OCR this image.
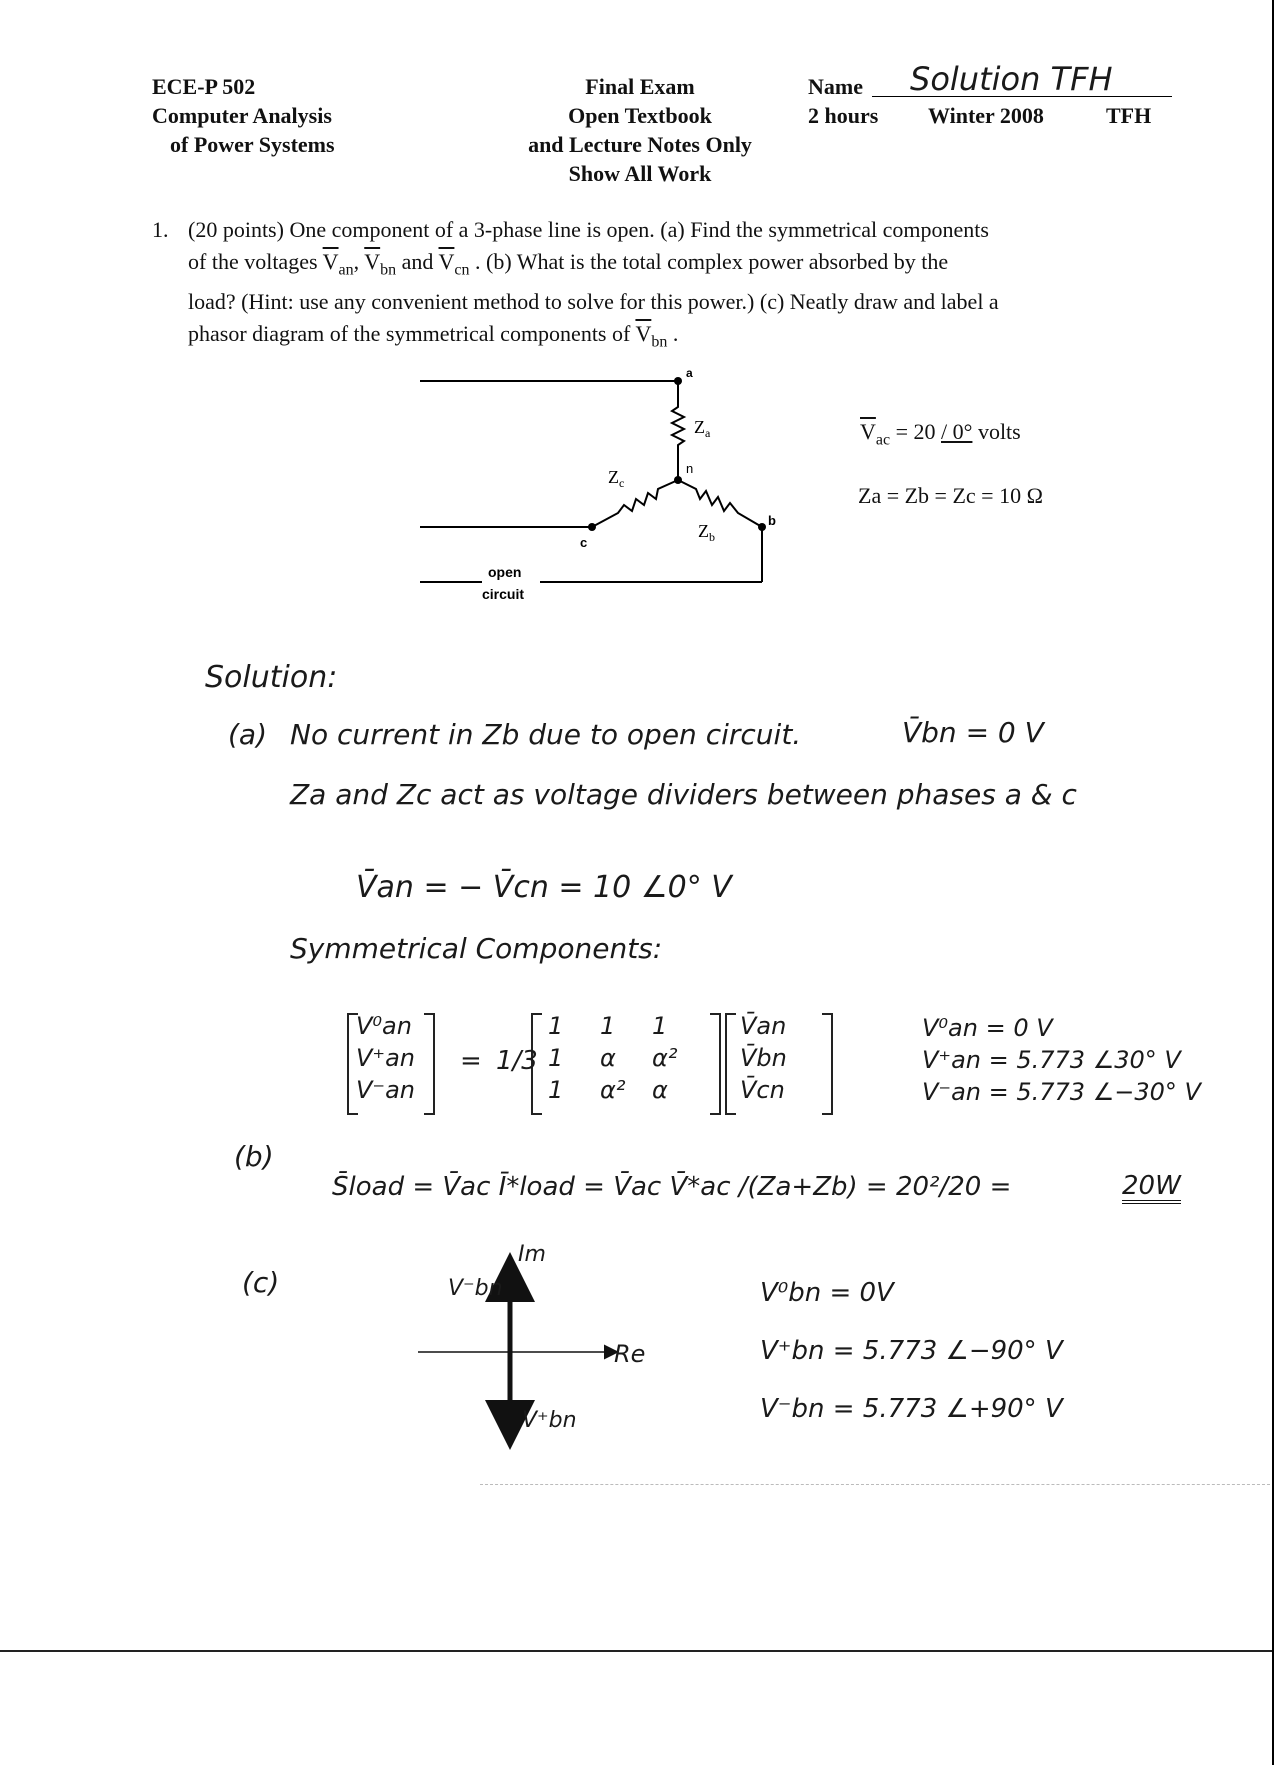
ECE-P 502
Computer Analysis
of Power Systems
Final Exam
Open Textbook
and Lecture Notes Only
Show All Work
Name Solution TFH
2 hours Winter 2008	TFH
1. (20 points) One component of a 3-phase line is open. (a) Find the symmetrical components
of the voltages $\overline{V}_{an}$, $\overline{V}_{bn}$ and $\overline{V}_{cn}$ . (b) What is the total complex power absorbed by the
load? (Hint: use any convenient method to solve for this power.) (c) Neatly draw and label a
phasor diagram of the symmetrical components of $\overline{V}_{bn}$ .
a
n
c
b
$Z_a$
$Z_c$
$Z_b$
open
circuit
$\overline{V}_{ac} = 20 / 0^\circ$ volts
Za = Zb = Zc = 10 Ω
Solution:
(a) No current in Zb due to open circuit.	V̄bn = 0 V
Za and Zc act as voltage dividers between phases a & c
V̄an = − V̄cn = 10 ∠0° V
Symmetrical Components:
V⁰an
V⁺an
V⁻an
= 1/3
1 1 1
1 α α²
1 α² α
V̄an
V̄bn
V̄cn
V⁰an = 0 V
V⁺an = 5.773 ∠30° V
V⁻an = 5.773 ∠−30° V
(b)
S̄load = V̄ac Ī*load = V̄ac V̄*ac /(Za+Zb) = 20²/20 =	20W
(c)
Im
Re
V⁻bn
V⁺bn
V⁰bn = 0V
V⁺bn = 5.773 ∠−90° V
V⁻bn = 5.773 ∠+90° V
